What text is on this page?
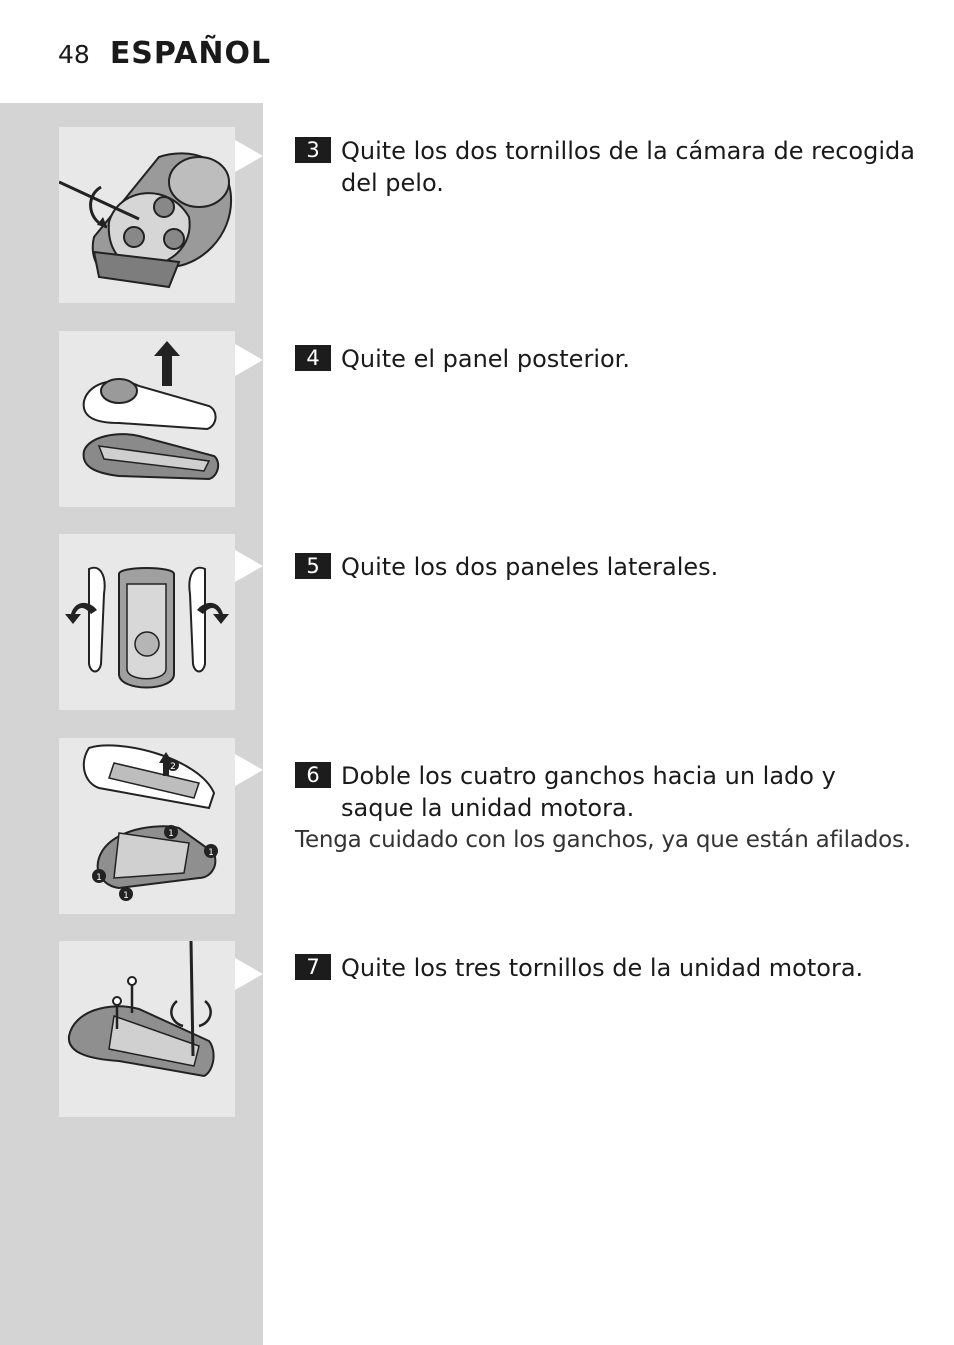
48 ESPAÑOL
2
1
1
1
1
3 Quite los dos tornillos de la cámara de recogida del pelo.
4 Quite el panel posterior.
5 Quite los dos paneles laterales.
6 Doble los cuatro ganchos hacia un lado y saque la unidad motora.
Tenga cuidado con los ganchos, ya que están afilados.
7 Quite los tres tornillos de la unidad motora.
